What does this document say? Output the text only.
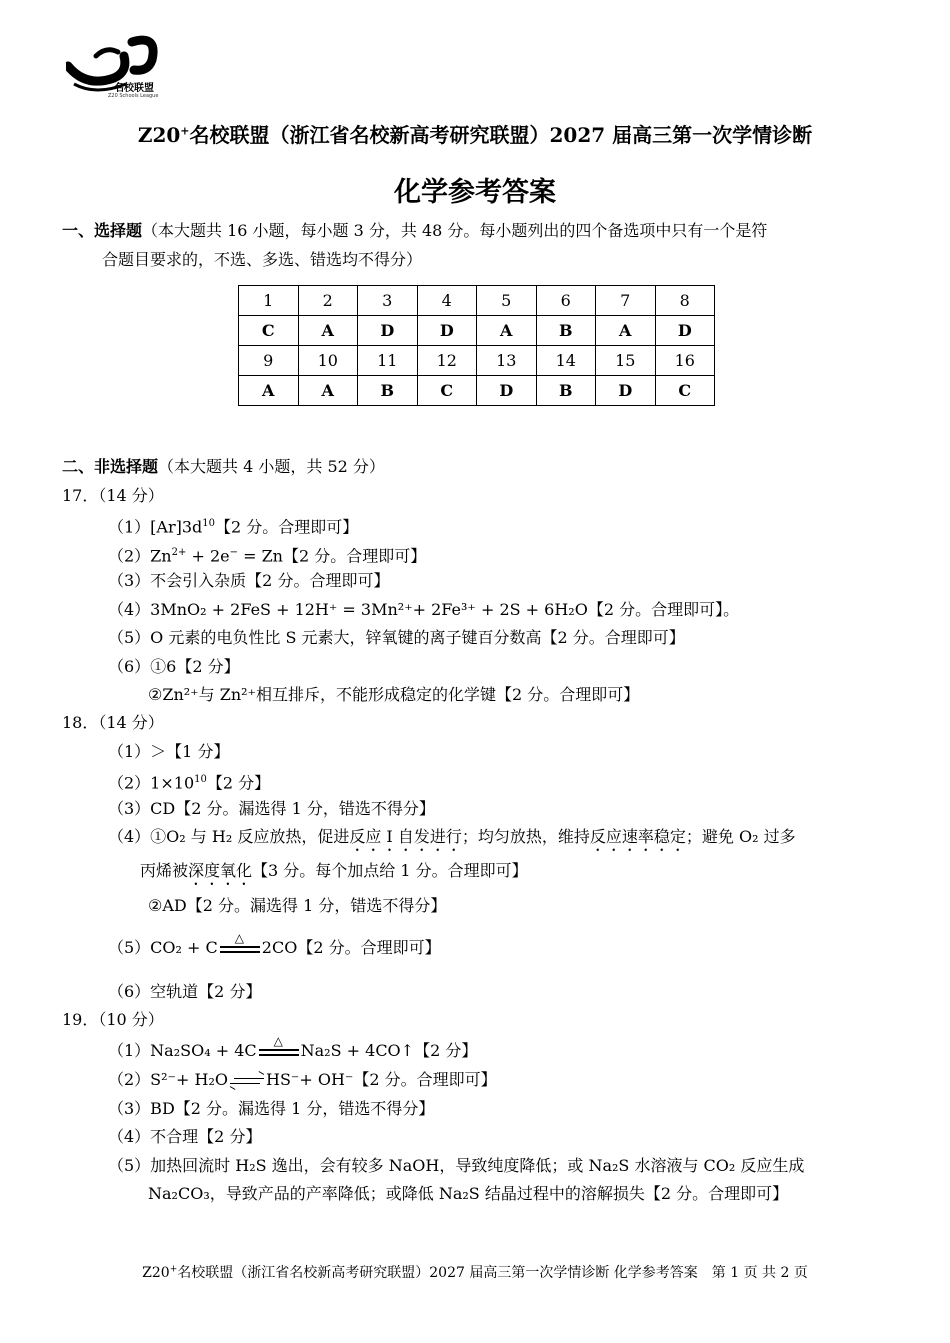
名校联盟
Z20 Schools League
Z20+名校联盟（浙江省名校新高考研究联盟）2027 届高三第一次学情诊断
化学参考答案
一、选择题（本大题共 16 小题，每小题 3 分，共 48 分。每小题列出的四个备选项中只有一个是符
合题目要求的，不选、多选、错选均不得分）
1	2	3	4	5	6	7	8
C	A	D	D	A	B	A	D
9	10	11	12	13	14	15	16
A	A	B	C	D	B	D	C
二、非选择题（本大题共 4 小题，共 52 分）
17．（14 分）
$(1)[Ar]3d^{10}$【2 分。合理即可】
$(2)Zn^{2+} + 2e^- = Zn$【2 分。合理即可】
（3）不会引入杂质【2 分。合理即可】
（4）3MnO₂ + 2FeS + 12H⁺ = 3Mn²⁺+ 2Fe³⁺ + 2S + 6H₂O【2 分。合理即可】。
（5）O 元素的电负性比 S 元素大，锌氧键的离子键百分数高【2 分。合理即可】
（6）①6【2 分】
②Zn²⁺与 Zn²⁺相互排斥，不能形成稳定的化学键【2 分。合理即可】
18．（14 分）
（1）＞【1 分】
$(2)1\times 10^{10}$【2 分】
（3）CD【2 分。漏选得 1 分，错选不得分】
（4）①O₂ 与 H₂ 反应放热，促进反应 I 自发进行；均匀放热，维持反应速率稳定；避免 O₂ 过多
丙烯被深度氧化【3 分。每个加点给 1 分。合理即可】
②AD【2 分。漏选得 1 分，错选不得分】
（5）CO₂ + C
△
2CO【2 分。合理即可】
（6）空轨道【2 分】
19．（10 分）
（1）Na₂SO₄ + 4C
△
Na₂S + 4CO↑【2 分】
（2）S²⁻+ H₂O ⇌ HS⁻+ OH⁻【2 分。合理即可】
（3）BD【2 分。漏选得 1 分，错选不得分】
（4）不合理【2 分】
（5）加热回流时 H₂S 逸出，会有较多 NaOH，导致纯度降低；或 Na₂S 水溶液与 CO₂ 反应生成
Na₂CO₃，导致产品的产率降低；或降低 Na₂S 结晶过程中的溶解损失【2 分。合理即可】
Z20+名校联盟（浙江省名校新高考研究联盟）2027 届高三第一次学情诊断 化学参考答案　第 1 页 共 2 页
